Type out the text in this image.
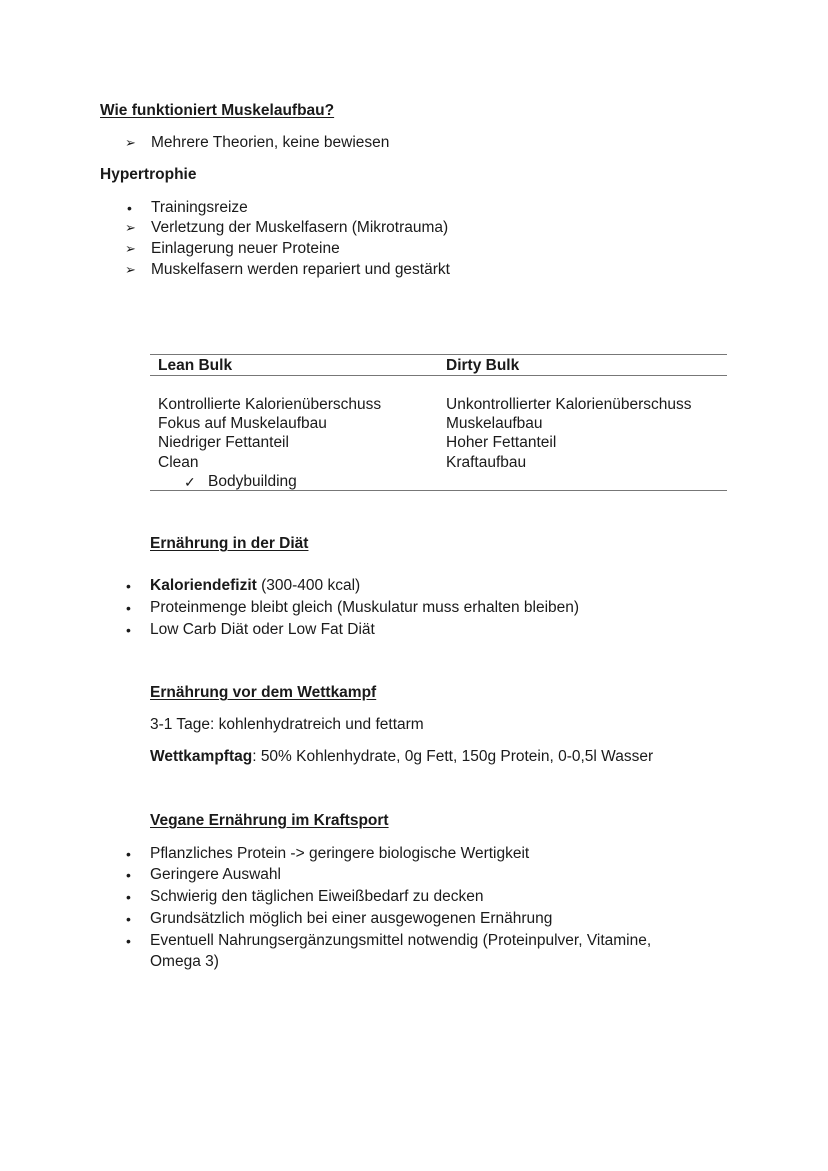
Wie funktioniert Muskelaufbau?
➢ Mehrere Theorien, keine bewiesen
Hypertrophie
• Trainingsreize
➢ Verletzung der Muskelfasern (Mikrotrauma)
➢ Einlagerung neuer Proteine
➢ Muskelfasern werden repariert und gestärkt
Lean Bulk	Dirty Bulk
Kontrollierte Kalorienüberschuss
Fokus auf Muskelaufbau
Niedriger Fettanteil
Clean
✓ Bodybuilding
Unkontrollierter Kalorienüberschuss
Muskelaufbau
Hoher Fettanteil
Kraftaufbau
Ernährung in der Diät
• Kaloriendefizit (300-400 kcal)
• Proteinmenge bleibt gleich (Muskulatur muss erhalten bleiben)
• Low Carb Diät oder Low Fat Diät
Ernährung vor dem Wettkampf
3-1 Tage: kohlenhydratreich und fettarm
Wettkampftag: 50% Kohlenhydrate, 0g Fett, 150g Protein, 0-0,5l Wasser
Vegane Ernährung im Kraftsport
• Pflanzliches Protein -> geringere biologische Wertigkeit
• Geringere Auswahl
• Schwierig den täglichen Eiweißbedarf zu decken
• Grundsätzlich möglich bei einer ausgewogenen Ernährung
• Eventuell Nahrungsergänzungsmittel notwendig (Proteinpulver, Vitamine,
Omega 3)
